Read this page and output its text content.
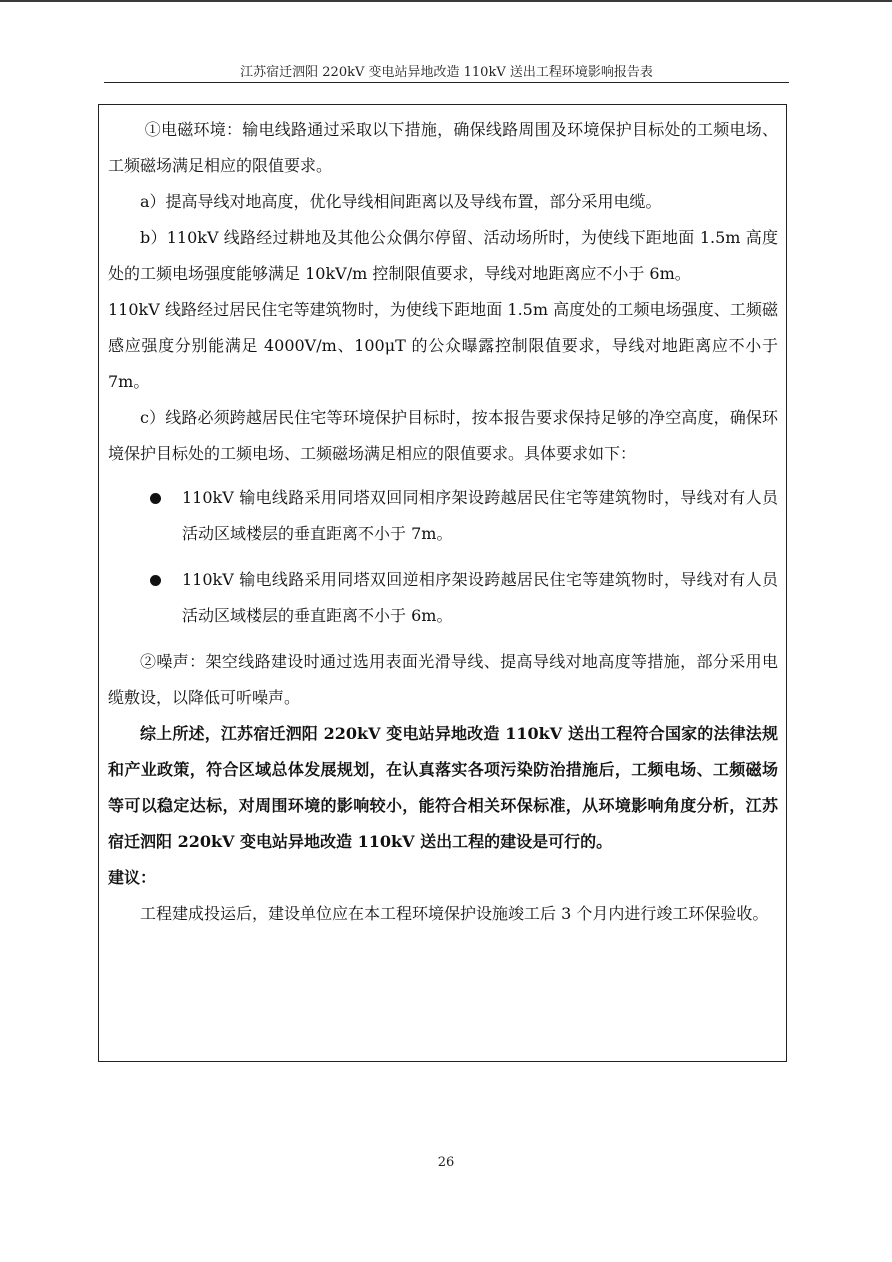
江苏宿迁泗阳 220kV 变电站异地改造 110kV 送出工程环境影响报告表

①电磁环境：输电线路通过采取以下措施，确保线路周围及环境保护目标处的工频电场、工频磁场满足相应的限值要求。

a）提高导线对地高度，优化导线相间距离以及导线布置，部分采用电缆。

b）110kV 线路经过耕地及其他公众偶尔停留、活动场所时，为使线下距地面 1.5m 高度处的工频电场强度能够满足 10kV/m 控制限值要求，导线对地距离应不小于 6m。

110kV 线路经过居民住宅等建筑物时，为使线下距地面 1.5m 高度处的工频电场强度、工频磁感应强度分别能满足 4000V/m、100μT 的公众曝露控制限值要求，导线对地距离应不小于 7m。

c）线路必须跨越居民住宅等环境保护目标时，按本报告要求保持足够的净空高度，确保环境保护目标处的工频电场、工频磁场满足相应的限值要求。具体要求如下：

110kV 输电线路采用同塔双回同相序架设跨越居民住宅等建筑物时，导线对有人员活动区域楼层的垂直距离不小于 7m。
110kV 输电线路采用同塔双回逆相序架设跨越居民住宅等建筑物时，导线对有人员活动区域楼层的垂直距离不小于 6m。

②噪声：架空线路建设时通过选用表面光滑导线、提高导线对地高度等措施，部分采用电缆敷设，以降低可听噪声。

综上所述，江苏宿迁泗阳 220kV 变电站异地改造 110kV 送出工程符合国家的法律法规和产业政策，符合区域总体发展规划，在认真落实各项污染防治措施后，工频电场、工频磁场等可以稳定达标，对周围环境的影响较小，能符合相关环保标准，从环境影响角度分析，江苏宿迁泗阳 220kV 变电站异地改造 110kV 送出工程的建设是可行的。

建议：

工程建成投运后，建设单位应在本工程环境保护设施竣工后 3 个月内进行竣工环保验收。

26
